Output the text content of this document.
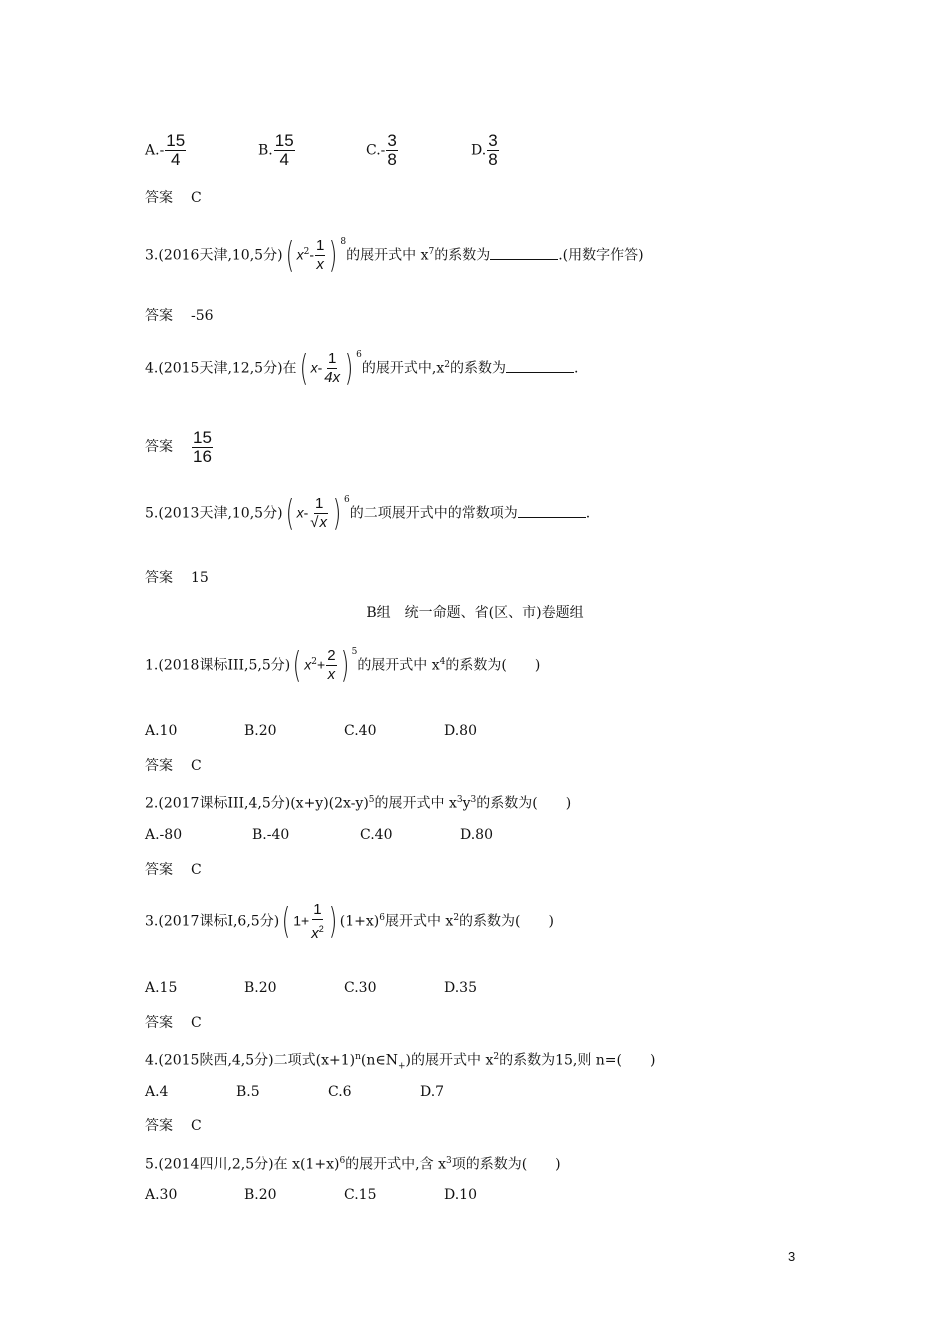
$A.- \frac{15}{4}$	B. $\frac{15}{4}$	$C.- \frac{3}{8}$	D. $\frac{3}{8}$
答案 C
3.(2016天津,10,5分)( $x^2- \frac{1}{x}$ ) $^8$的展开式中 $x^7$的系数为	.(用数字作答)
答案 -56
4.(2015天津,12,5分)在( $x- \frac{1}{4x}$ ) $^6$的展开式中$,x^2$的系数为	.
答案 $\frac{15}{16}$
5.(2013天津,10,5分)( $x- \frac{1}{√x}$ ) $^6$的二项展开式中的常数项为	.
答案 15
B组　统一命题、省(区、市)卷题组
1.(2018课标III,5,5分)( $x^2+ \frac{2}{x}$ ) $^5$的展开式中 $x^4$的系数为(　　)
A.10	B.20	C.40	D.80
答案 C
2.(2017课标III,4,5分)$(x+y)(2x-y)^5$的展开式中 $x^3y^3$的系数为(　　)
A.-80	B.-40	C.40	D.80
答案 C
3.(2017课标Ⅰ,6,5分)( $1+ \frac{1}{x^2}$ ) $(1+x)^6$展开式中 $x^2$的系数为(　　)
A.15	B.20	C.30	D.35
答案 C
4.(2015陕西,4,5分)二项式$(x+1)^n(n\in N_+)$的展开式中 $x^2$的系数为15,则 n=(　　)
A.4	B.5	C.6	D.7
答案 C
5.(2014四川,2,5分)在 $x(1+x)^6$的展开式中,含 $x^3$项的系数为(　　)
A.30	B.20	C.15	D.10
3
